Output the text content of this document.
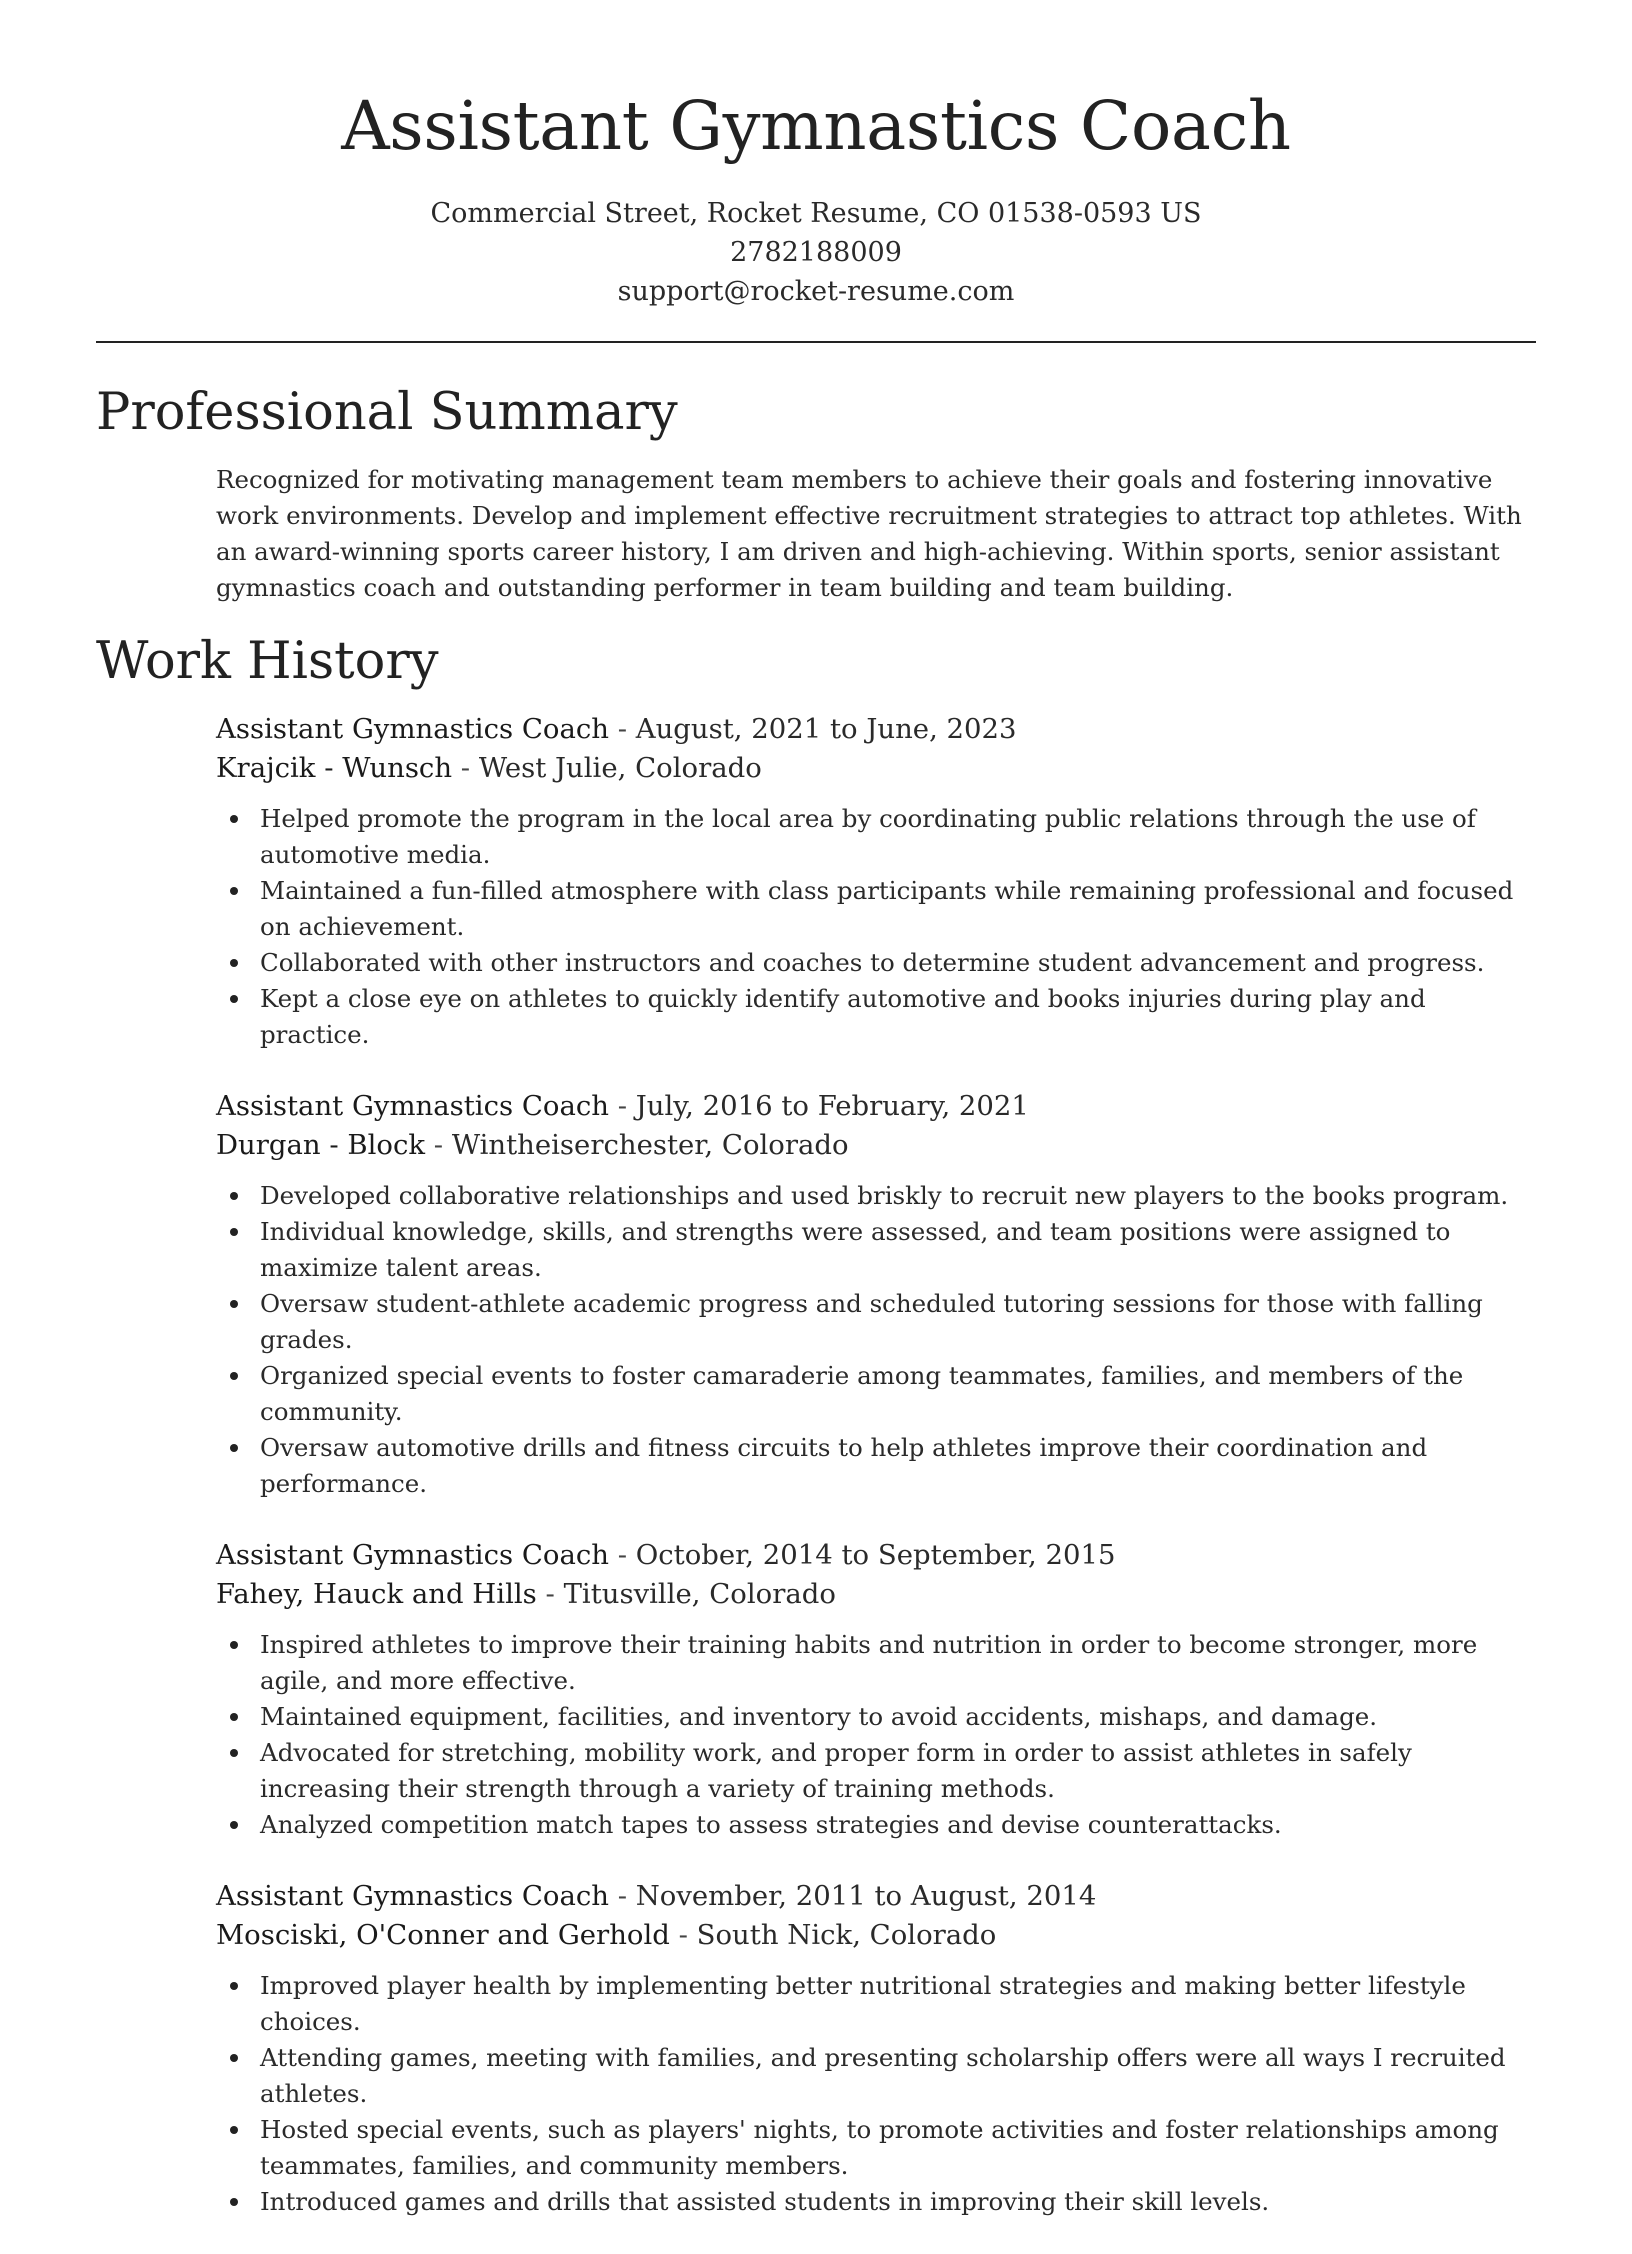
Assistant Gymnastics Coach
Commercial Street, Rocket Resume, CO 01538-0593 US
2782188009
support@rocket-resume.com
Professional Summary

Recognized for motivating management team members to achieve their goals and fostering innovative work environments. Develop and implement effective recruitment strategies to attract top athletes. With an award-winning sports career history, I am driven and high-achieving. Within sports, senior assistant gymnastics coach and outstanding performer in team building and team building.

Work History
Assistant Gymnastics Coach - August, 2021 to June, 2023
Krajcik - Wunsch - West Julie, Colorado
Helped promote the program in the local area by coordinating public relations through the use of automotive media.
Maintained a fun-filled atmosphere with class participants while remaining professional and focused on achievement.
Collaborated with other instructors and coaches to determine student advancement and progress.
Kept a close eye on athletes to quickly identify automotive and books injuries during play and practice.
Assistant Gymnastics Coach - July, 2016 to February, 2021
Durgan - Block - Wintheiserchester, Colorado
Developed collaborative relationships and used briskly to recruit new players to the books program.
Individual knowledge, skills, and strengths were assessed, and team positions were assigned to maximize talent areas.
Oversaw student-athlete academic progress and scheduled tutoring sessions for those with falling grades.
Organized special events to foster camaraderie among teammates, families, and members of the community.
Oversaw automotive drills and fitness circuits to help athletes improve their coordination and performance.
Assistant Gymnastics Coach - October, 2014 to September, 2015
Fahey, Hauck and Hills - Titusville, Colorado
Inspired athletes to improve their training habits and nutrition in order to become stronger, more agile, and more effective.
Maintained equipment, facilities, and inventory to avoid accidents, mishaps, and damage.
Advocated for stretching, mobility work, and proper form in order to assist athletes in safely increasing their strength through a variety of training methods.
Analyzed competition match tapes to assess strategies and devise counterattacks.
Assistant Gymnastics Coach - November, 2011 to August, 2014
Mosciski, O'Conner and Gerhold - South Nick, Colorado
Improved player health by implementing better nutritional strategies and making better lifestyle choices.
Attending games, meeting with families, and presenting scholarship offers were all ways I recruited athletes.
Hosted special events, such as players' nights, to promote activities and foster relationships among teammates, families, and community members.
Introduced games and drills that assisted students in improving their skill levels.
